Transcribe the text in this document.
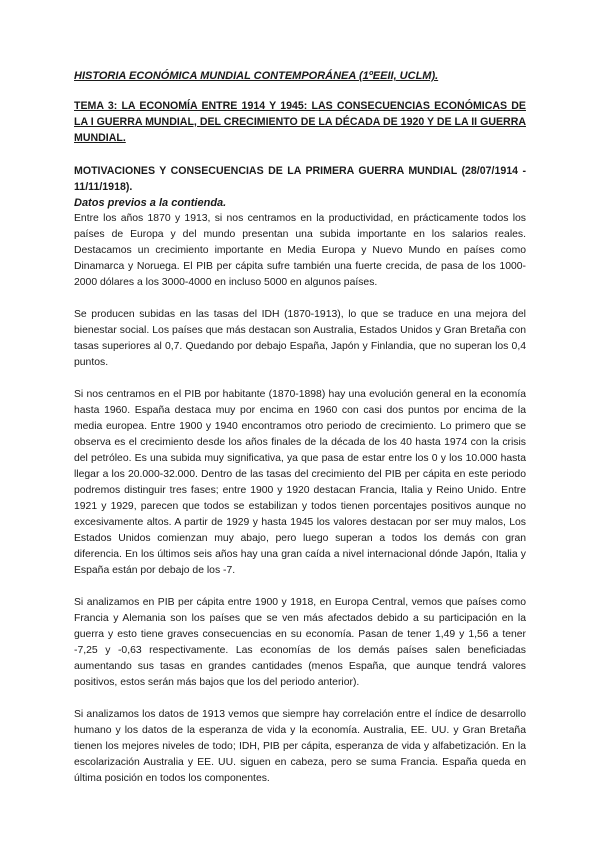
HISTORIA ECONÓMICA MUNDIAL CONTEMPORÁNEA (1ºEEII, UCLM).
TEMA 3: LA ECONOMÍA ENTRE 1914 Y 1945: LAS CONSECUENCIAS ECONÓMICAS DE LA I GUERRA MUNDIAL, DEL CRECIMIENTO DE LA DÉCADA DE 1920 Y DE LA II GUERRA MUNDIAL.
MOTIVACIONES Y CONSECUENCIAS DE LA PRIMERA GUERRA MUNDIAL (28/07/1914 - 11/11/1918).
Datos previos a la contienda.

Entre los años 1870 y 1913, si nos centramos en la productividad, en prácticamente todos los países de Europa y del mundo presentan una subida importante en los salarios reales. Destacamos un crecimiento importante en Media Europa y Nuevo Mundo en países como Dinamarca y Noruega. El PIB per cápita sufre también una fuerte crecida, de pasa de los 1000-2000 dólares a los 3000-4000 en incluso 5000 en algunos países.

Se producen subidas en las tasas del IDH (1870-1913), lo que se traduce en una mejora del bienestar social. Los países que más destacan son Australia, Estados Unidos y Gran Bretaña con tasas superiores al 0,7. Quedando por debajo España, Japón y Finlandia, que no superan los 0,4 puntos.

Si nos centramos en el PIB por habitante (1870-1898) hay una evolución general en la economía hasta 1960. España destaca muy por encima en 1960 con casi dos puntos por encima de la media europea. Entre 1900 y 1940 encontramos otro periodo de crecimiento. Lo primero que se observa es el crecimiento desde los años finales de la década de los 40 hasta 1974 con la crisis del petróleo. Es una subida muy significativa, ya que pasa de estar entre los 0 y los 10.000 hasta llegar a los 20.000-32.000. Dentro de las tasas del crecimiento del PIB per cápita en este periodo podremos distinguir tres fases; entre 1900 y 1920 destacan Francia, Italia y Reino Unido. Entre 1921 y 1929, parecen que todos se estabilizan y todos tienen porcentajes positivos aunque no excesivamente altos. A partir de 1929 y hasta 1945 los valores destacan por ser muy malos, Los Estados Unidos comienzan muy abajo, pero luego superan a todos los demás con gran diferencia. En los últimos seis años hay una gran caída a nivel internacional dónde Japón, Italia y España están por debajo de los -7.

Si analizamos en PIB per cápita entre 1900 y 1918, en Europa Central, vemos que países como Francia y Alemania son los países que se ven más afectados debido a su participación en la guerra y esto tiene graves consecuencias en su economía. Pasan de tener 1,49 y 1,56 a tener -7,25 y -0,63 respectivamente. Las economías de los demás países salen beneficiadas aumentando sus tasas en grandes cantidades (menos España, que aunque tendrá valores positivos, estos serán más bajos que los del periodo anterior).

Si analizamos los datos de 1913 vemos que siempre hay correlación entre el índice de desarrollo humano y los datos de la esperanza de vida y la economía. Australia, EE. UU. y Gran Bretaña tienen los mejores niveles de todo; IDH, PIB per cápita, esperanza de vida y alfabetización. En la escolarización Australia y EE. UU. siguen en cabeza, pero se suma Francia. España queda en última posición en todos los componentes.
